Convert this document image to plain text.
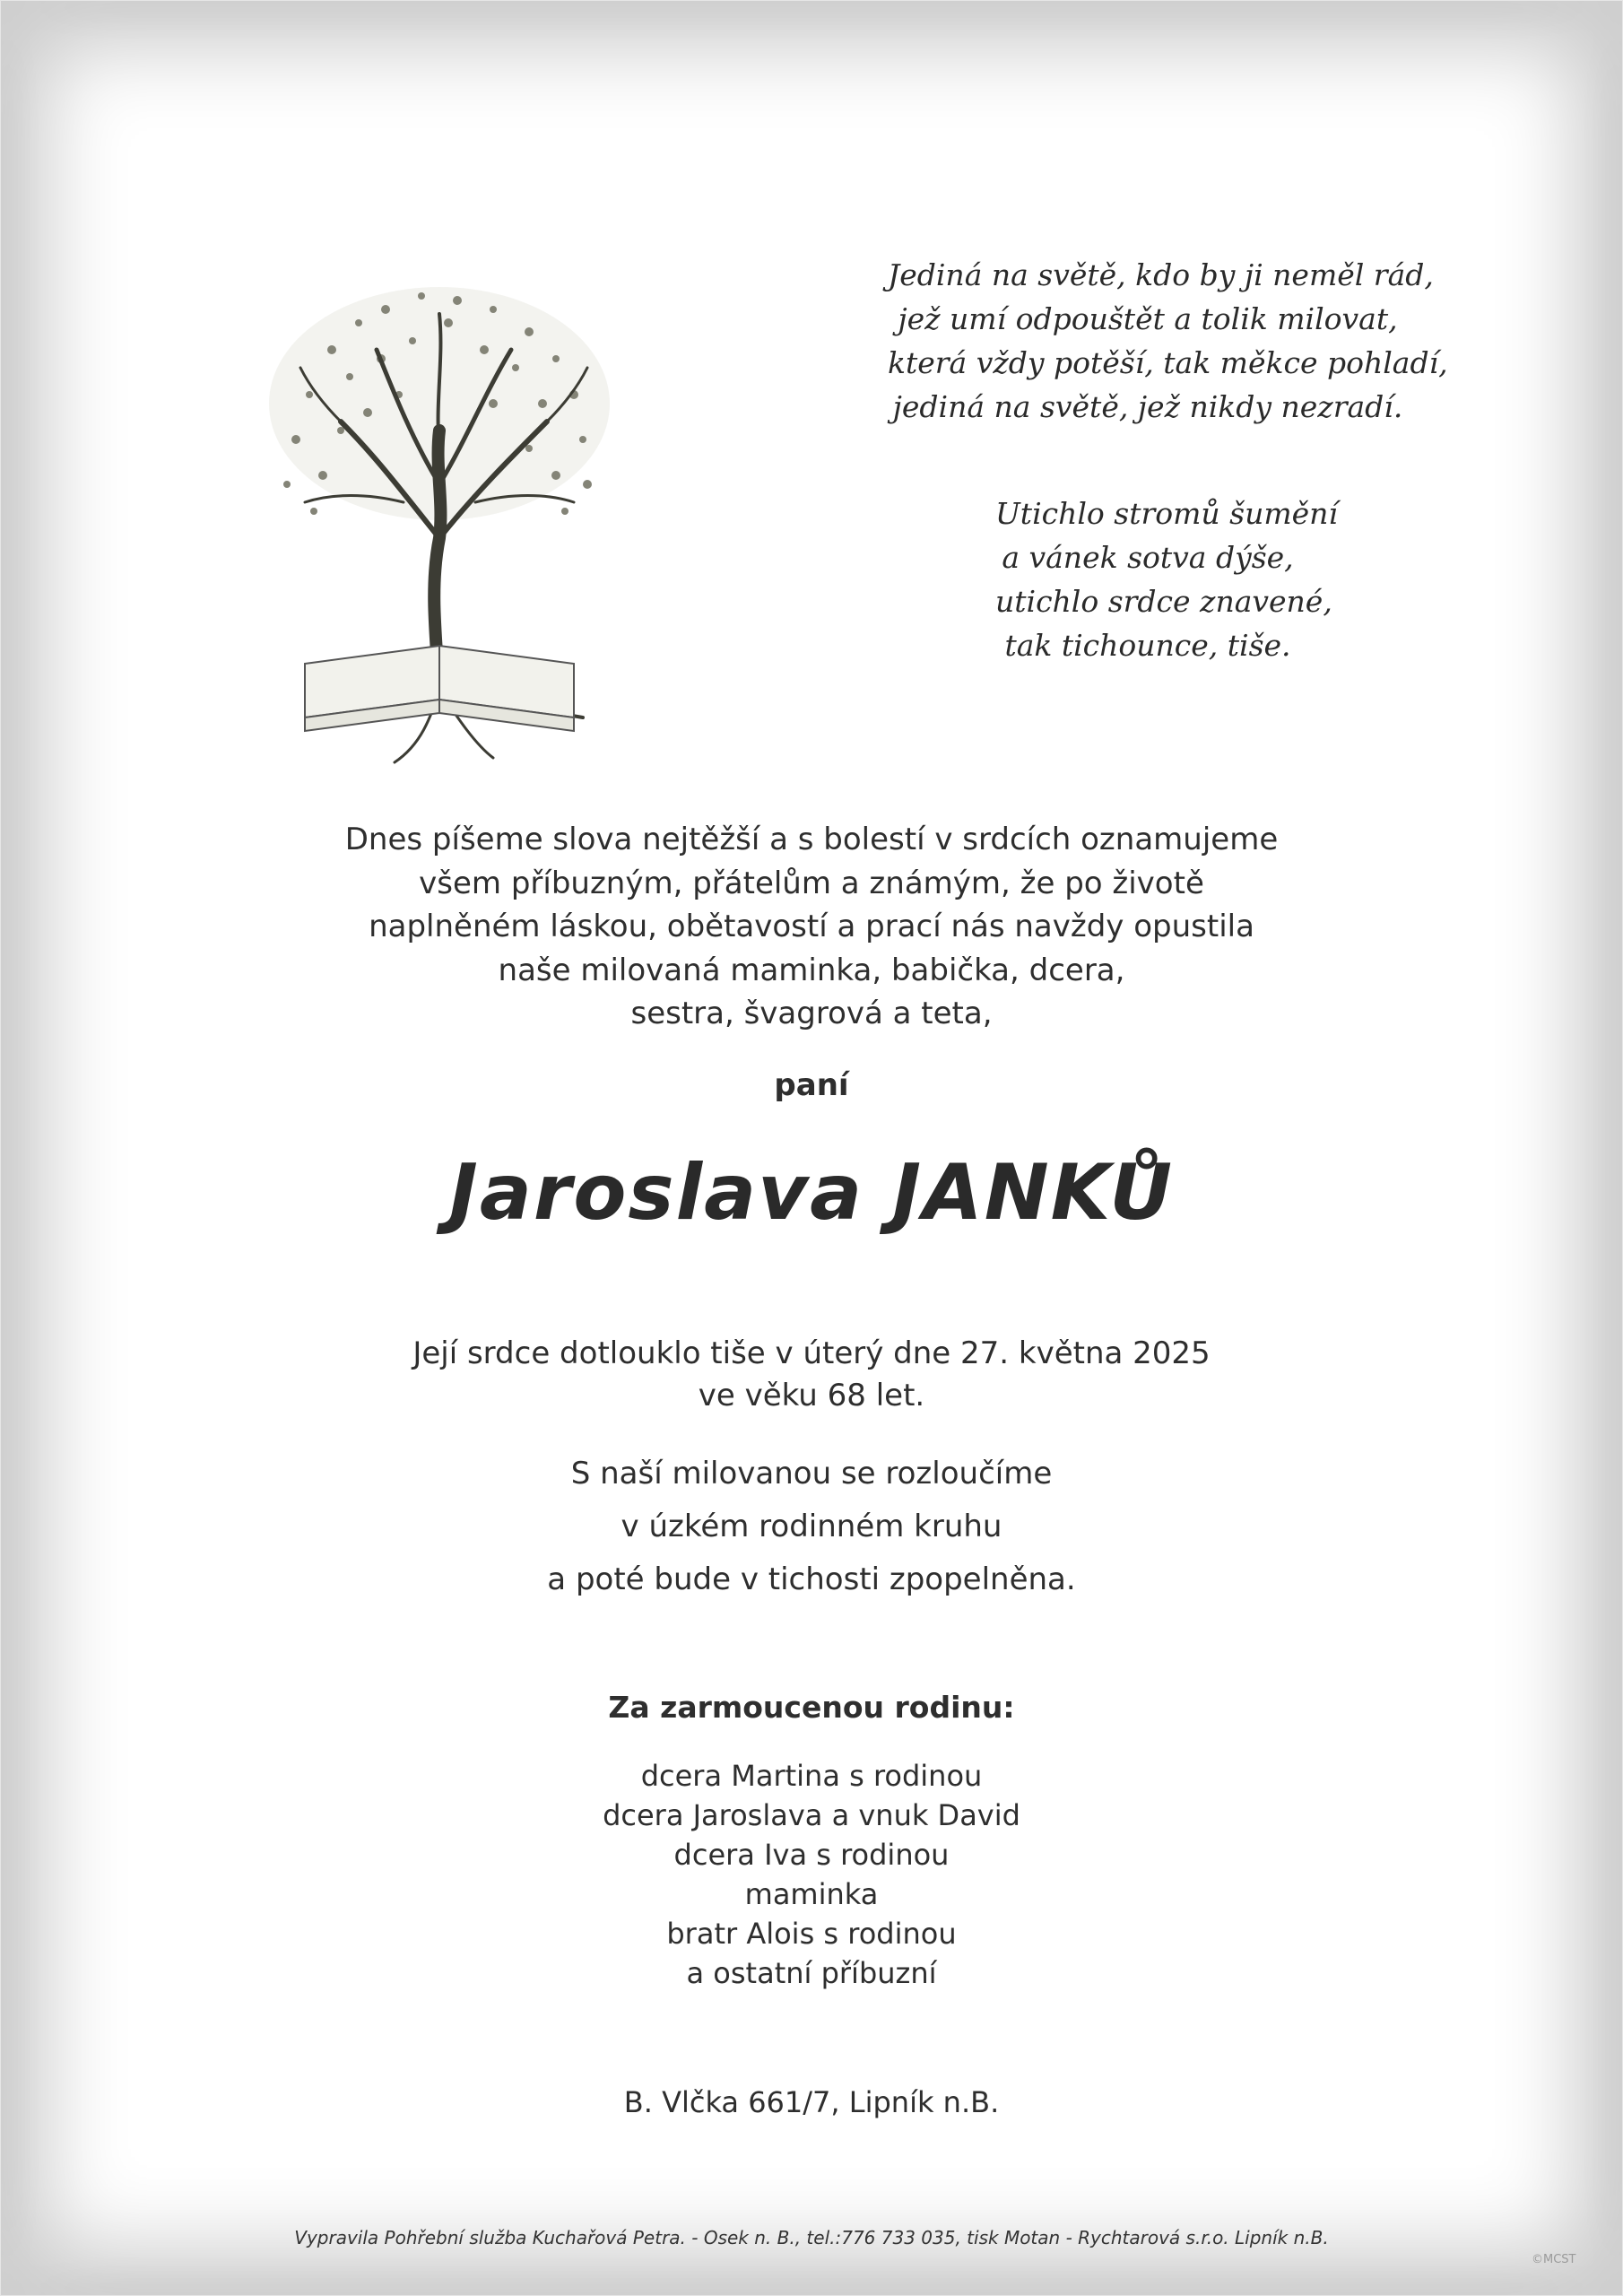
Jediná na světě, kdo by ji neměl rád,
jež umí odpouštět a tolik milovat,
která vždy potěší, tak měkce pohladí,
jediná na světě, jež nikdy nezradí.
Utichlo stromů šumění
a vánek sotva dýše,
utichlo srdce znavené,
tak tichounce, tiše.
Dnes píšeme slova nejtěžší a s bolestí v srdcích oznamujeme
všem příbuzným, přátelům a známým, že po životě
naplněném láskou, obětavostí a prací nás navždy opustila
naše milovaná maminka, babička, dcera,
sestra, švagrová a teta,
paní
Jaroslava JANKŮ
Její srdce dotlouklo tiše v úterý dne 27. května 2025
ve věku 68 let.
S naší milovanou se rozloučíme
v úzkém rodinném kruhu
a poté bude v tichosti zpopelněna.
Za zarmoucenou rodinu:
dcera Martina s rodinou
dcera Jaroslava a vnuk David
dcera Iva s rodinou
maminka
bratr Alois s rodinou
a ostatní příbuzní
B. Vlčka 661/7, Lipník n.B.
Vypravila Pohřební služba Kuchařová Petra. - Osek n. B., tel.:776 733 035, tisk Motan - Rychtarová s.r.o. Lipník n.B.
©MCST
